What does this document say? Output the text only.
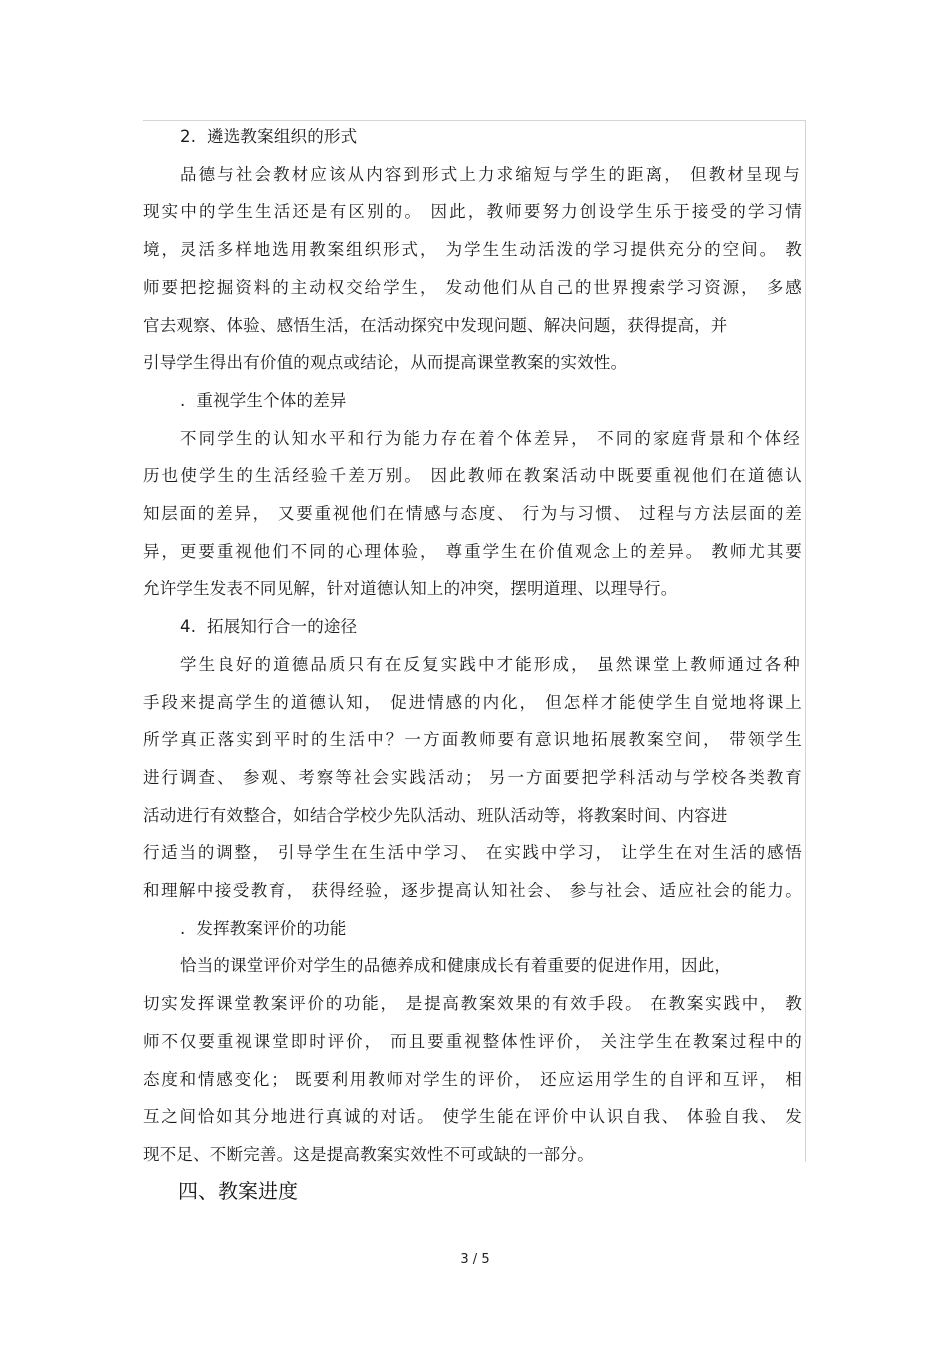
2.  遴选教案组织的形式
品德与社会教材应该从内容到形式上力求缩短与学生的距离， 但教材呈现与
现实中的学生生活还是有区别的。 因此，教师要努力创设学生乐于接受的学习情
境，灵活多样地选用教案组织形式， 为学生生动活泼的学习提供充分的空间。 教
师要把挖掘资料的主动权交给学生， 发动他们从自己的世界搜索学习资源， 多感
官去观察、体验、感悟生活，在活动探究中发现问题、解决问题，获得提高，并
引导学生得出有价值的观点或结论，从而提高课堂教案的实效性。
.  重视学生个体的差异
不同学生的认知水平和行为能力存在着个体差异， 不同的家庭背景和个体经
历也使学生的生活经验千差万别。 因此教师在教案活动中既要重视他们在道德认
知层面的差异， 又要重视他们在情感与态度、 行为与习惯、 过程与方法层面的差
异，更要重视他们不同的心理体验， 尊重学生在价值观念上的差异。 教师尤其要
允许学生发表不同见解，针对道德认知上的冲突，摆明道理、以理导行。
4.  拓展知行合一的途径
学生良好的道德品质只有在反复实践中才能形成， 虽然课堂上教师通过各种
手段来提高学生的道德认知， 促进情感的内化， 但怎样才能使学生自觉地将课上
所学真正落实到平时的生活中？一方面教师要有意识地拓展教案空间， 带领学生
进行调查、 参观、考察等社会实践活动； 另一方面要把学科活动与学校各类教育
活动进行有效整合，如结合学校少先队活动、班队活动等，将教案时间、内容进
行适当的调整， 引导学生在生活中学习、 在实践中学习， 让学生在对生活的感悟
和理解中接受教育， 获得经验，逐步提高认知社会、 参与社会、适应社会的能力。
.  发挥教案评价的功能
恰当的课堂评价对学生的品德养成和健康成长有着重要的促进作用，因此，
切实发挥课堂教案评价的功能， 是提高教案效果的有效手段。 在教案实践中， 教
师不仅要重视课堂即时评价， 而且要重视整体性评价， 关注学生在教案过程中的
态度和情感变化； 既要利用教师对学生的评价， 还应运用学生的自评和互评， 相
互之间恰如其分地进行真诚的对话。 使学生能在评价中认识自我、 体验自我、 发
现不足、不断完善。这是提高教案实效性不可或缺的一部分。
四、教案进度
3 / 5
